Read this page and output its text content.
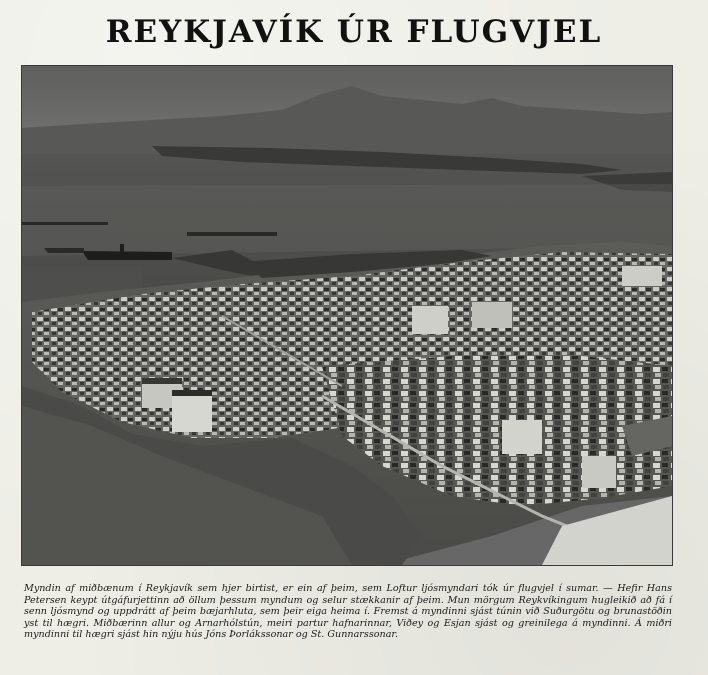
REYKJAVÍK ÚR FLUGVJEL

Myndin af miðbænum í Reykjavík sem hjer birtist, er ein af þeim, sem Loftur ljósmyndari tók úr flugvjel í sumar. — Hefir Hans Petersen keypt útgáfurjettinn að öllum þessum myndum og selur stækkanir af þeim. Mun mörgum Reykvíkingum hugleikið að fá í senn ljósmynd og uppdrátt af þeim bæjarhluta, sem þeir eiga heima í. Fremst á myndinni sjást túnin við Suðurgötu og brunastöðin yst til hægri. Miðbærinn allur og Arnarhólstún, meiri partur hafnarinnar, Viðey og Esjan sjást og greinilega á myndinni. Á miðri myndinni til hægri sjást hin nýju hús Jóns Þorlákssonar og St. Gunnarssonar.
